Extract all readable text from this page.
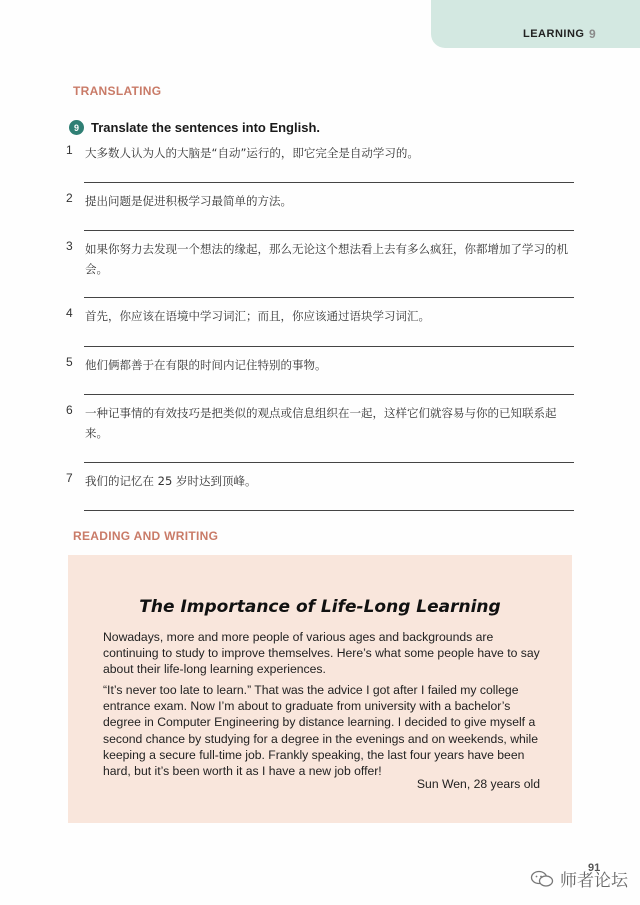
LEARNING 9
TRANSLATING
9 Translate the sentences into English.
1 大多数人认为人的大脑是“自动”运行的，即它完全是自动学习的。
2 提出问题是促进积极学习最简单的方法。
3 如果你努力去发现一个想法的缘起，那么无论这个想法看上去有多么疯狂，你都增加了学习的机会。
4 首先，你应该在语境中学习词汇；而且，你应该通过语块学习词汇。
5 他们俩都善于在有限的时间内记住特别的事物。
6 一种记事情的有效技巧是把类似的观点或信息组织在一起，这样它们就容易与你的已知联系起来。
7 我们的记忆在 25 岁时达到顶峰。
READING AND WRITING
The Importance of Life-Long Learning
Nowadays, more and more people of various ages and backgrounds are continuing to study to improve themselves. Here’s what some people have to say about their life-long learning experiences.
“It’s never too late to learn.” That was the advice I got after I failed my college entrance exam. Now I’m about to graduate from university with a bachelor’s degree in Computer Engineering by distance learning. I decided to give myself a second chance by studying for a degree in the evenings and on weekends, while keeping a secure full-time job. Frankly speaking, the last four years have been hard, but it’s been worth it as I have a new job offer!
Sun Wen, 28 years old
师者论坛
91
